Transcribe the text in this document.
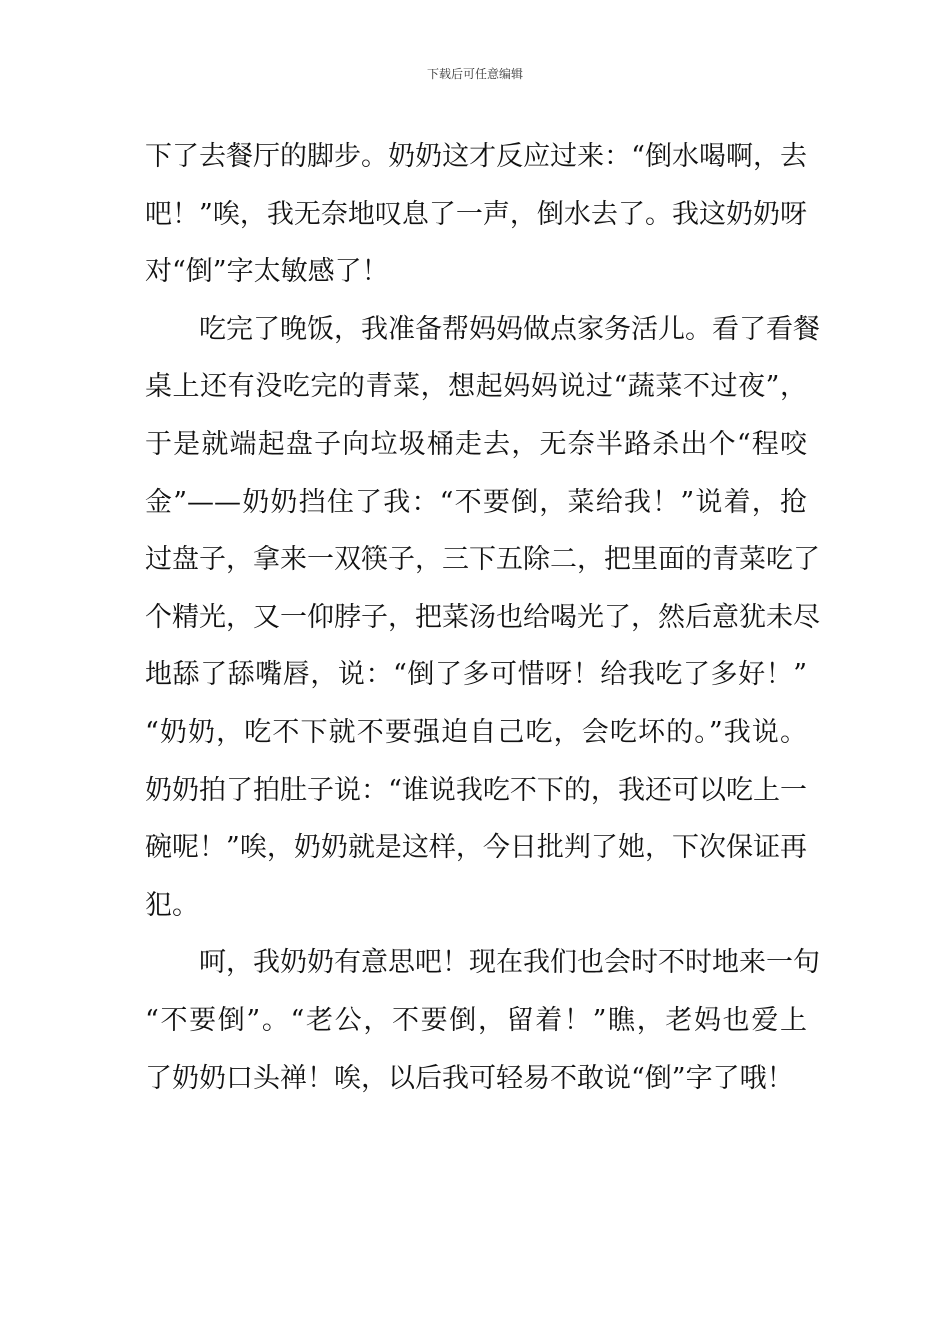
下载后可任意编辑
下了去餐厅的脚步。奶奶这才反应过来：“倒水喝啊，去
吧！”唉，我无奈地叹息了一声，倒水去了。我这奶奶呀
对“倒”字太敏感了！
吃完了晚饭，我准备帮妈妈做点家务活儿。看了看餐
桌上还有没吃完的青菜，想起妈妈说过“蔬菜不过夜”，
于是就端起盘子向垃圾桶走去，无奈半路杀出个“程咬
金”——奶奶挡住了我：“不要倒，菜给我！”说着，抢
过盘子，拿来一双筷子，三下五除二，把里面的青菜吃了
个精光，又一仰脖子，把菜汤也给喝光了，然后意犹未尽
地舔了舔嘴唇，说：“倒了多可惜呀！给我吃了多好！”
“奶奶，吃不下就不要强迫自己吃，会吃坏的。”我说。
奶奶拍了拍肚子说：“谁说我吃不下的，我还可以吃上一
碗呢！”唉，奶奶就是这样，今日批判了她，下次保证再
犯。
呵，我奶奶有意思吧！现在我们也会时不时地来一句
“不要倒”。“老公，不要倒，留着！”瞧，老妈也爱上
了奶奶口头禅！唉，以后我可轻易不敢说“倒”字了哦！
